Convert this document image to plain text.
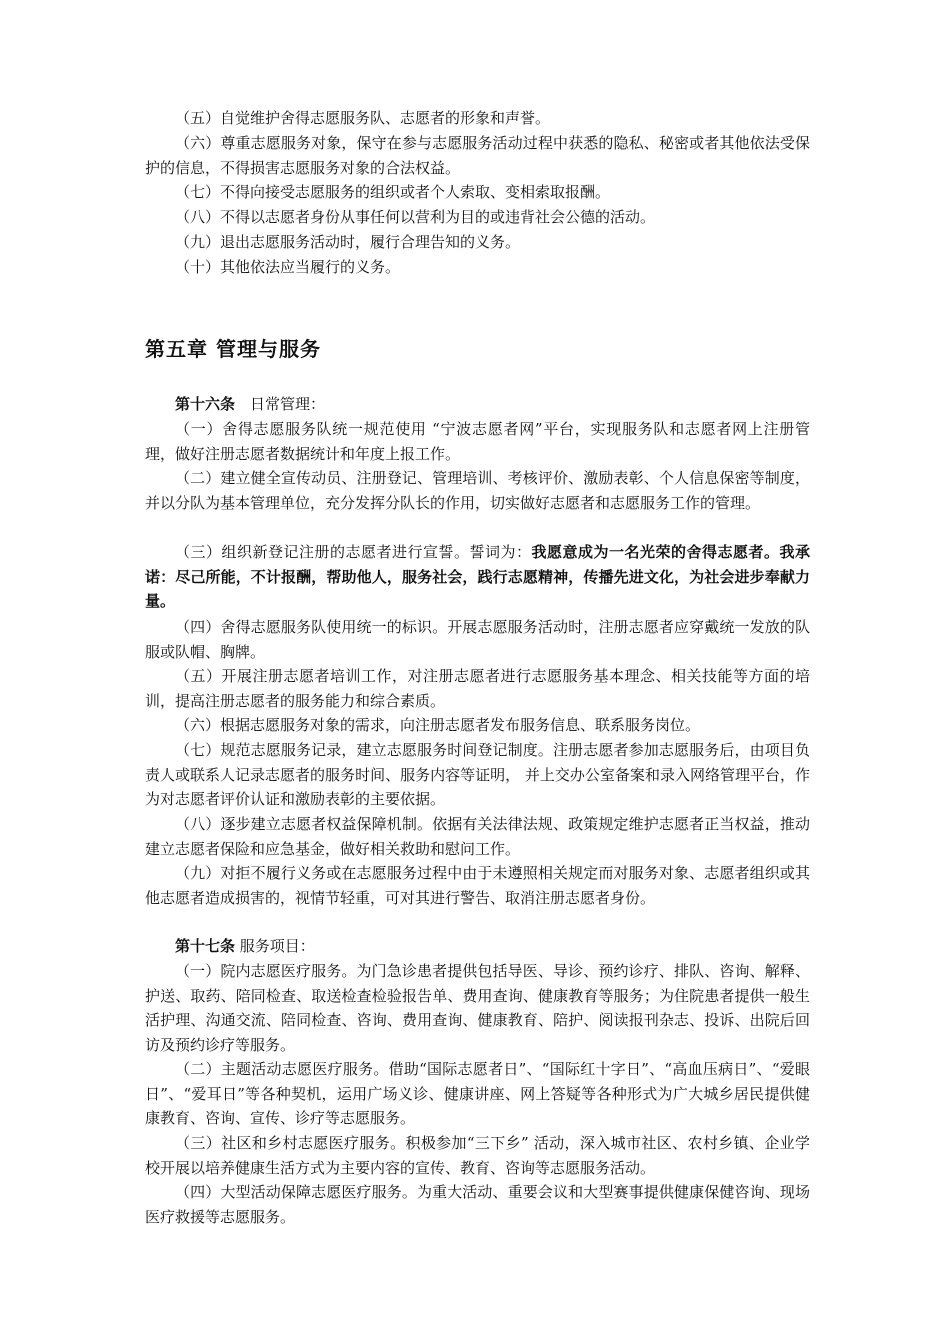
（五）自觉维护舍得志愿服务队、志愿者的形象和声誉。

（六）尊重志愿服务对象，保守在参与志愿服务活动过程中获悉的隐私、秘密或者其他依法受保护的信息，不得损害志愿服务对象的合法权益。

（七）不得向接受志愿服务的组织或者个人索取、变相索取报酬。

（八）不得以志愿者身份从事任何以营利为目的或违背社会公德的活动。

（九）退出志愿服务活动时，履行合理告知的义务。

（十）其他依法应当履行的义务。

第五章 管理与服务

第十六条　日常管理：

（一）舍得志愿服务队统一规范使用 “宁波志愿者网”平台，实现服务队和志愿者网上注册管理，做好注册志愿者数据统计和年度上报工作。

（二）建立健全宣传动员、注册登记、管理培训、考核评价、激励表彰、个人信息保密等制度，并以分队为基本管理单位，充分发挥分队长的作用，切实做好志愿者和志愿服务工作的管理。

（三）组织新登记注册的志愿者进行宣誓。誓词为：我愿意成为一名光荣的舍得志愿者。我承诺：尽己所能，不计报酬，帮助他人，服务社会，践行志愿精神，传播先进文化，为社会进步奉献力量。

（四）舍得志愿服务队使用统一的标识。开展志愿服务活动时，注册志愿者应穿戴统一发放的队服或队帽、胸牌。

（五）开展注册志愿者培训工作，对注册志愿者进行志愿服务基本理念、相关技能等方面的培训，提高注册志愿者的服务能力和综合素质。

（六）根据志愿服务对象的需求，向注册志愿者发布服务信息、联系服务岗位。

（七）规范志愿服务记录，建立志愿服务时间登记制度。注册志愿者参加志愿服务后，由项目负责人或联系人记录志愿者的服务时间、服务内容等证明， 并上交办公室备案和录入网络管理平台，作为对志愿者评价认证和激励表彰的主要依据。

（八）逐步建立志愿者权益保障机制。依据有关法律法规、政策规定维护志愿者正当权益，推动建立志愿者保险和应急基金，做好相关救助和慰问工作。

（九）对拒不履行义务或在志愿服务过程中由于未遵照相关规定而对服务对象、志愿者组织或其他志愿者造成损害的，视情节轻重，可对其进行警告、取消注册志愿者身份。

第十七条 服务项目：

（一）院内志愿医疗服务。为门急诊患者提供包括导医、导诊、预约诊疗、排队、咨询、解释、护送、取药、陪同检查、取送检查检验报告单、费用查询、健康教育等服务；为住院患者提供一般生活护理、沟通交流、陪同检查、咨询、费用查询、健康教育、陪护、阅读报刊杂志、投诉、出院后回访及预约诊疗等服务。

（二）主题活动志愿医疗服务。借助“国际志愿者日”、“国际红十字日”、“高血压病日”、“爱眼日”、“爱耳日”等各种契机，运用广场义诊、健康讲座、网上答疑等各种形式为广大城乡居民提供健康教育、咨询、宣传、诊疗等志愿服务。

（三）社区和乡村志愿医疗服务。积极参加“三下乡” 活动，深入城市社区、农村乡镇、企业学校开展以培养健康生活方式为主要内容的宣传、教育、咨询等志愿服务活动。

（四）大型活动保障志愿医疗服务。为重大活动、重要会议和大型赛事提供健康保健咨询、现场医疗救援等志愿服务。
